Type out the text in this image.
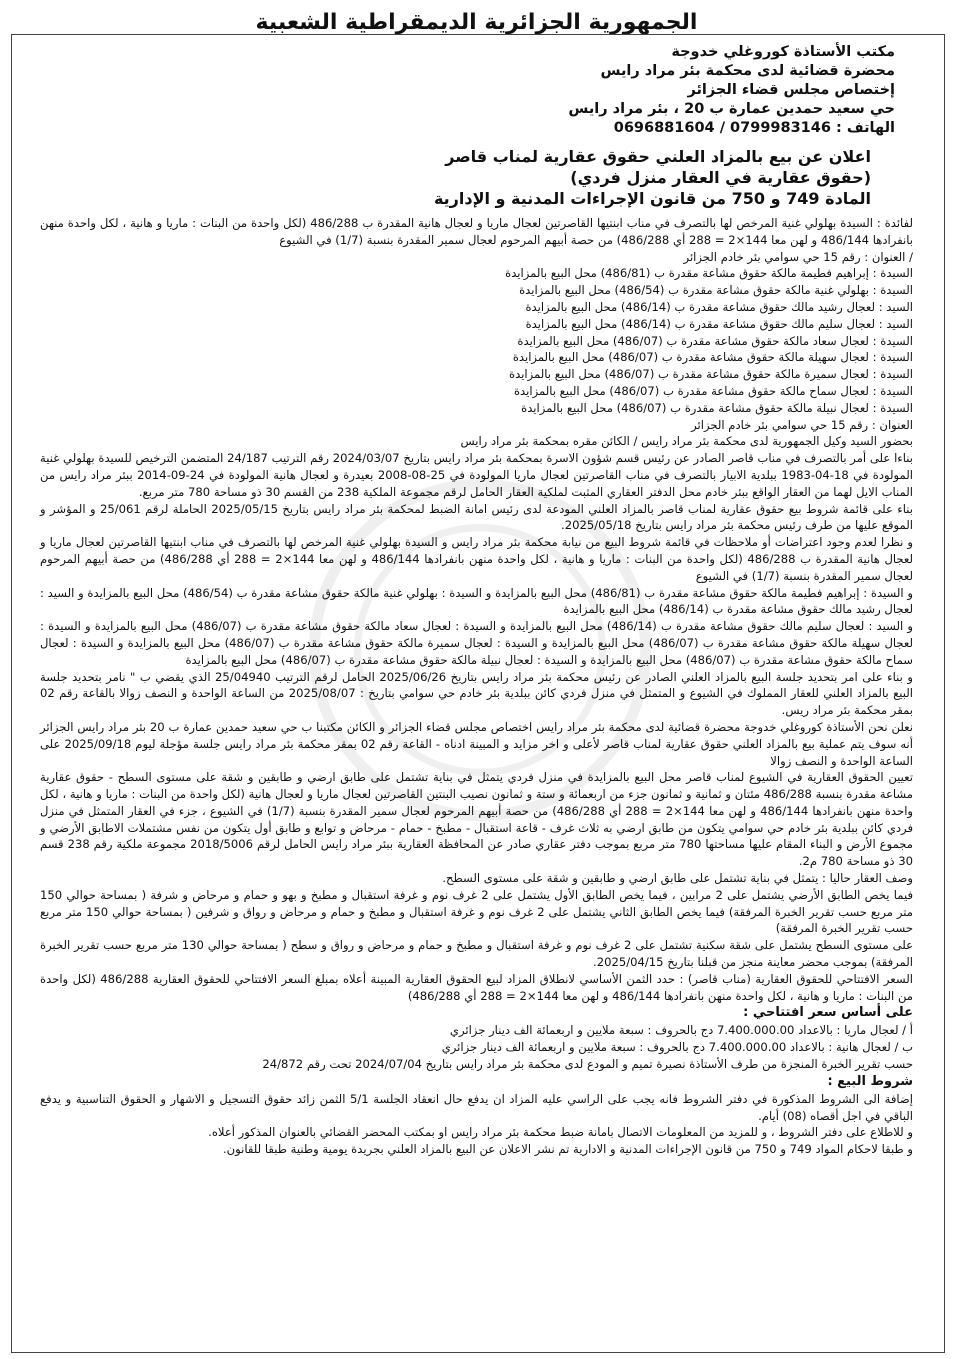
الجمهورية الجزائرية الديمقراطية الشعبية
مكتب الأستاذة كوروغلي خدوجة
محضرة قضائية لدى محكمة بئر مراد رايس
إختصاص مجلس قضاء الجزائر
حي سعيد حمدين عمارة ب 20 ، بئر مراد رايس
الهاتف : 0799983146 / 0696881604
اعلان عن بيع بالمزاد العلني حقوق عقارية لمناب قاصر
(حقوق عقارية في العقار منزل فردي)
المادة 749 و 750 من قانون الإجراءات المدنية و الإدارية

لفائدة : السيدة بهلولي غنية المرخص لها بالتصرف في مناب ابنتيها القاصرتين لعجال ماريا و لعجال هانية المقدرة ب 486/288 (لكل واحدة من البنات : ماريا و هانية ، لكل واحدة منهن بانفرادها 486/144 و لهن معا 144×2 = 288 أي 486/288) من حصة أبيهم المرحوم لعجال سمير المقدرة بنسبة (1/7) في الشيوع

/ العنوان : رقم 15 حي سوامي بئر خادم الجزائر

السيدة : إبراهيم فطيمة مالكة حقوق مشاعة مقدرة ب (486/81) محل البيع بالمزايدة

السيدة : بهلولي غنية مالكة حقوق مشاعة مقدرة ب (486/54) محل البيع بالمزايدة

السيد : لعجال رشيد مالك حقوق مشاعة مقدرة ب (486/14) محل البيع بالمزايدة

السيد : لعجال سليم مالك حقوق مشاعة مقدرة ب (486/14) محل البيع بالمزايدة

السيدة : لعجال سعاد مالكة حقوق مشاعة مقدرة ب (486/07) محل البيع بالمزايدة

السيدة : لعجال سهيلة مالكة حقوق مشاعة مقدرة ب (486/07) محل البيع بالمزايدة

السيدة : لعجال سميرة مالكة حقوق مشاعة مقدرة ب (486/07) محل البيع بالمزايدة

السيدة : لعجال سماح مالكة حقوق مشاعة مقدرة ب (486/07) محل البيع بالمزايدة

السيدة : لعجال نبيلة مالكة حقوق مشاعة مقدرة ب (486/07) محل البيع بالمزايدة

العنوان : رقم 15 حي سوامي بئر خادم الجزائر

بحضور السيد وكيل الجمهورية لدى محكمة بئر مراد رايس / الكائن مقره بمحكمة بئر مراد رايس

بناءا على أمر بالتصرف في مناب قاصر الصادر عن رئيس قسم شؤون الاسرة بمحكمة بئر مراد رايس بتاريخ 2024/03/07 رقم الترتيب 24/187 المتضمن الترخيص للسيدة بهلولي غنية المولودة في 18-04-1983 ببلدية الابيار بالتصرف في مناب القاصرتين لعجال ماريا المولودة في 25-08-2008 بعيدرة و لعجال هانية المولودة في 24-09-2014 ببئر مراد رايس من المناب الايل لهما من العقار الواقع ببئر خادم محل الدفتر العقاري المثبت لملكية العقار الحامل لرقم مجموعة الملكية 238 من القسم 30 ذو مساحة 780 متر مربع.

بناء على قائمة شروط بيع حقوق عقارية لمناب قاصر بالمزاد العلني المودعة لدى رئيس امانة الضبط لمحكمة بئر مراد رايس بتاريخ 2025/05/15 الحاملة لرقم 25/061 و المؤشر و الموقع عليها من طرف رئيس محكمة بئر مراد رايس بتاريخ 2025/05/18.

و نظرا لعدم وجود اعتراضات أو ملاحظات في قائمة شروط البيع من نيابة محكمة بئر مراد رايس و السيدة بهلولي غنية المرخص لها بالتصرف في مناب ابنتيها القاصرتين لعجال ماريا و لعجال هانية المقدرة ب 486/288 (لكل واحدة من البنات : ماريا و هانية ، لكل واحدة منهن بانفرادها 486/144 و لهن معا 144×2 = 288 أي 486/288) من حصة أبيهم المرحوم لعجال سمير المقدرة بنسبة (1/7) في الشيوع

و السيدة : إبراهيم فطيمة مالكة حقوق مشاعة مقدرة ب (486/81) محل البيع بالمزايدة و السيدة : بهلولي غنية مالكة حقوق مشاعة مقدرة ب (486/54) محل البيع بالمزايدة و السيد : لعجال رشيد مالك حقوق مشاعة مقدرة ب (486/14) محل البيع بالمزايدة

و السيد : لعجال سليم مالك حقوق مشاعة مقدرة ب (486/14) محل البيع بالمزايدة و السيدة : لعجال سعاد مالكة حقوق مشاعة مقدرة ب (486/07) محل البيع بالمزايدة و السيدة : لعجال سهيلة مالكة حقوق مشاعة مقدرة ب (486/07) محل البيع بالمزايدة و السيدة : لعجال سميرة مالكة حقوق مشاعة مقدرة ب (486/07) محل البيع بالمزايدة و السيدة : لعجال سماح مالكة حقوق مشاعة مقدرة ب (486/07) محل البيع بالمزايدة و السيدة : لعجال نبيلة مالكة حقوق مشاعة مقدرة ب (486/07) محل البيع بالمزايدة

و بناء على امر بتحديد جلسة البيع بالمزاد العلني الصادر عن رئيس محكمة بئر مراد رايس بتاريخ 2025/06/26 الحامل لرقم الترتيب 25/04940 الذي يقضي ب " نامر بتحديد جلسة البيع بالمزاد العلني للعقار المملوك في الشيوع و المتمثل في منزل فردي كائن ببلدية بئر خادم حي سوامي بتاريخ : 2025/08/07 من الساعة الواحدة و النصف زوالا بالقاعة رقم 02 بمقر محكمة بئر مراد ريس.

نعلن نحن الأستاذة كوروغلي خدوجة محضرة قضائية لدى محكمة بئر مراد رايس اختصاص مجلس قضاء الجزائر و الكائن مكتبنا ب حي سعيد حمدين عمارة ب 20 بئر مراد رايس الجزائر أنه سوف يتم عملية بيع بالمزاد العلني حقوق عقارية لمناب قاصر لأعلى و اخر مزايد و المبينة ادناه - القاعة رقم 02 بمقر محكمة بئر مراد رايس جلسة مؤجلة ليوم 2025/09/18 على الساعة الواحدة و النصف زوالا

تعيين الحقوق العقارية في الشيوع لمناب قاصر محل البيع بالمزايدة في منزل فردي يتمثل في بناية تشتمل على طابق ارضي و طابقين و شقة على مستوى السطح - حقوق عقارية مشاعة مقدرة بنسبة 486/288 مئتان و ثمانية و ثمانون جزء من اربعمائة و ستة و ثمانون نصيب البنتين القاصرتين لعجال ماريا و لعجال هانية (لكل واحدة من البنات : ماريا و هانية ، لكل واحدة منهن بانفرادها 486/144 و لهن معا 144×2 = 288 أي 486/288) من حصة أبيهم المرحوم لعجال سمير المقدرة بنسبة (1/7) في الشيوع ، جزء في العقار المتمثل في منزل فردي كائن ببلدية بئر خادم حي سوامي يتكون من طابق ارضي به ثلاث غرف - قاعة استقبال - مطبخ - حمام - مرحاض و توابع و طابق أول يتكون من نفس مشتملات الاطابق الأرضي و مجموع الأرض و البناء المقام عليها مساحتها 780 متر مربع بموجب دفتر عقاري صادر عن المحافظة العقارية ببئر مراد رايس الحامل لرقم 2018/5006 مجموعة ملكية رقم 238 قسم 30 ذو مساحة 780 م2.

وصف العقار حاليا : يتمثل في بناية تشتمل على طابق ارضي و طابقين و شقة على مستوى السطح.

فيما يخص الطابق الأرضي يشتمل على 2 مرابين ، فيما يخص الطابق الأول يشتمل على 2 غرف نوم و غرفة استقبال و مطبخ و بهو و حمام و مرحاض و شرفة ( بمساحة حوالي 150 متر مربع حسب تقرير الخبرة المرفقة) فيما يخص الطابق الثاني يشتمل على 2 غرف نوم و غرفة استقبال و مطبخ و حمام و مرحاض و رواق و شرفين ( بمساحة حوالي 150 متر مربع حسب تقرير الخبرة المرفقة)

على مستوى السطح يشتمل على شقة سكنية تشتمل على 2 غرف نوم و غرفة استقبال و مطبخ و حمام و مرحاض و رواق و سطح ( بمساحة حوالي 130 متر مربع حسب تقرير الخبرة المرفقة) بموجب محضر معاينة منجز من قبلنا بتاريخ 2025/04/15.

السعر الافتتاحي للحقوق العقارية (مناب قاصر) : حدد الثمن الأساسي لانطلاق المزاد لبيع الحقوق العقارية المبينة أعلاه بمبلغ السعر الافتتاحي للحقوق العقارية 486/288 (لكل واحدة من البنات : ماريا و هانية ، لكل واحدة منهن بانفرادها 486/144 و لهن معا 144×2 = 288 أي 486/288)

على أساس سعر افتتاحي :

أ / لعجال ماريا : بالاعداد 7.400.000.00 دج بالحروف : سبعة ملايين و اربعمائة الف دينار جزائري

ب / لعجال هانية : بالاعداد 7.400.000.00 دج بالحروف : سبعة ملايين و اربعمائة الف دينار جزائري

حسب تقرير الخبرة المنجزة من طرف الأستاذة نصيرة تميم و المودع لدى محكمة بئر مراد رايس بتاريخ 2024/07/04 تحت رقم 24/872

شروط البيع :

إضافة الى الشروط المذكورة في دفتر الشروط فانه يجب على الراسي عليه المزاد ان يدفع حال انعقاد الجلسة 5/1 الثمن زائد حقوق التسجيل و الاشهار و الحقوق التناسبية و يدفع الباقي في اجل أقصاه (08) أيام.

و للاطلاع على دفتر الشروط ، و للمزيد من المعلومات الاتصال بامانة ضبط محكمة بئر مراد رايس او بمكتب المحضر القضائي بالعنوان المذكور أعلاه.

و طبقا لاحكام المواد 749 و 750 من قانون الإجراءات المدنية و الادارية تم نشر الاعلان عن البيع بالمزاد العلني بجريدة يومية وطنية طبقا للقانون.
